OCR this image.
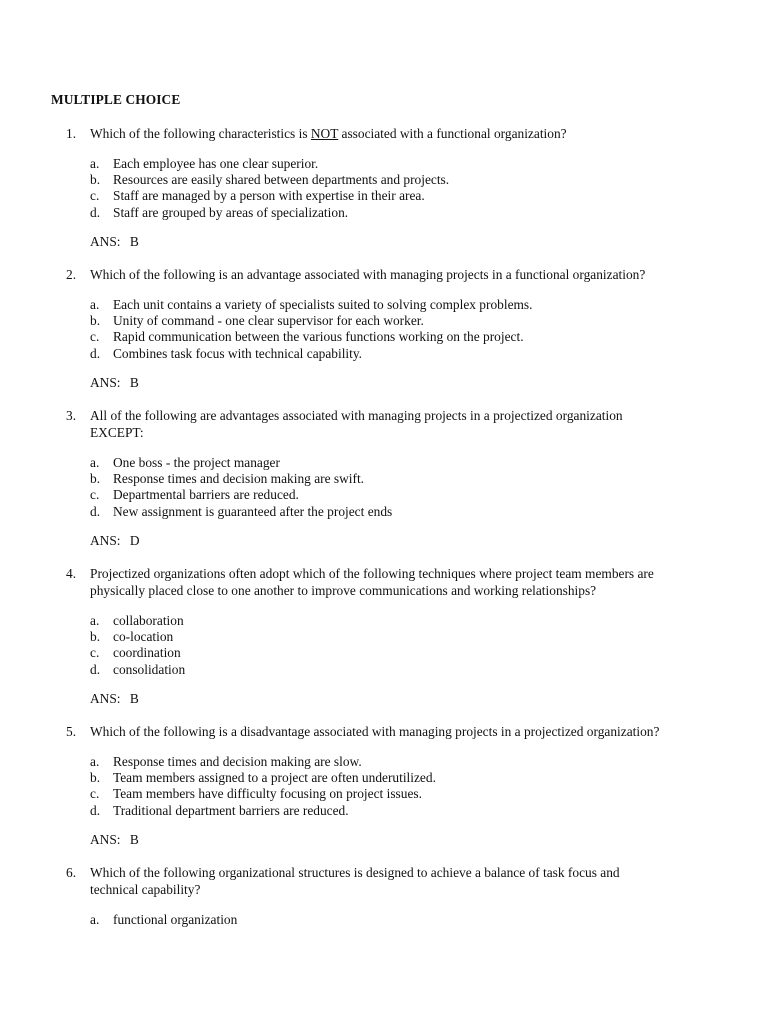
MULTIPLE CHOICE
1. Which of the following characteristics is NOT associated with a functional organization?
a. Each employee has one clear superior.
b. Resources are easily shared between departments and projects.
c. Staff are managed by a person with expertise in their area.
d. Staff are grouped by areas of specialization.
ANS: B
2. Which of the following is an advantage associated with managing projects in a functional organization?
a. Each unit contains a variety of specialists suited to solving complex problems.
b. Unity of command - one clear supervisor for each worker.
c. Rapid communication between the various functions working on the project.
d. Combines task focus with technical capability.
ANS: B
3. All of the following are advantages associated with managing projects in a projectized organization
EXCEPT:
a. One boss - the project manager
b. Response times and decision making are swift.
c. Departmental barriers are reduced.
d. New assignment is guaranteed after the project ends
ANS: D
4. Projectized organizations often adopt which of the following techniques where project team members are
physically placed close to one another to improve communications and working relationships?
a. collaboration
b. co-location
c. coordination
d. consolidation
ANS: B
5. Which of the following is a disadvantage associated with managing projects in a projectized organization?
a. Response times and decision making are slow.
b. Team members assigned to a project are often underutilized.
c. Team members have difficulty focusing on project issues.
d. Traditional department barriers are reduced.
ANS: B
6. Which of the following organizational structures is designed to achieve a balance of task focus and
technical capability?
a. functional organization
